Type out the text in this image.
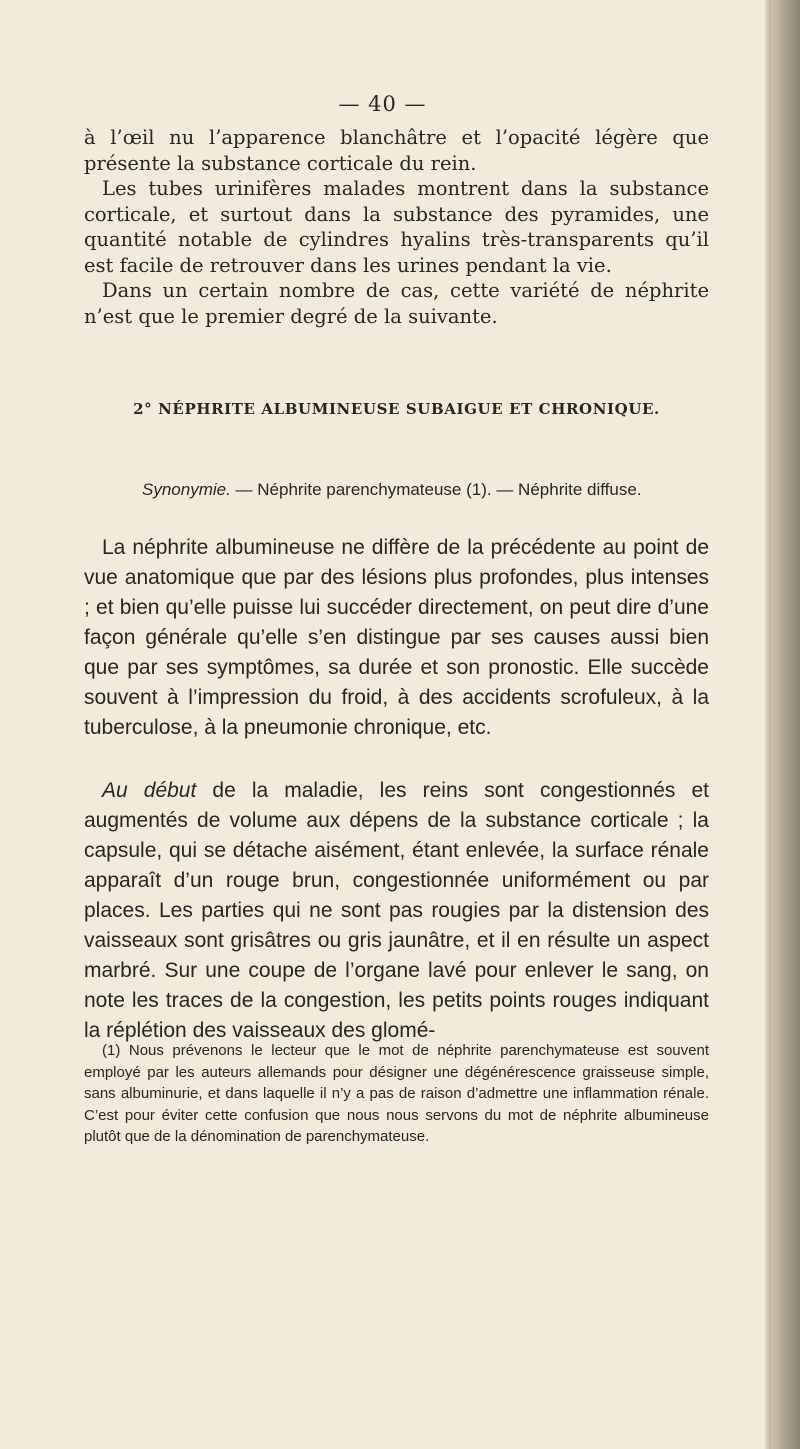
— 40 —

à l’œil nu l’apparence blanchâtre et l’opacité légère que présente la substance corticale du rein.

Les tubes urinifères malades montrent dans la substance corticale, et surtout dans la substance des pyramides, une quantité notable de cylindres hyalins très-transparents qu’il est facile de retrouver dans les urines pendant la vie.

Dans un certain nombre de cas, cette variété de néphrite n’est que le premier degré de la suivante.

2° NÉPHRITE ALBUMINEUSE SUBAIGUE ET CHRONIQUE.
Synonymie. — Néphrite parenchymateuse (1). — Néphrite diffuse.

La néphrite albumineuse ne diffère de la précédente au point de vue anatomique que par des lésions plus profondes, plus intenses ; et bien qu’elle puisse lui succéder directement, on peut dire d’une façon générale qu’elle s’en distingue par ses causes aussi bien que par ses symptômes, sa durée et son pronostic. Elle succède souvent à l’impression du froid, à des accidents scrofuleux, à la tuberculose, à la pneumonie chronique, etc.

Au début de la maladie, les reins sont congestionnés et augmentés de volume aux dépens de la substance corticale ; la capsule, qui se détache aisément, étant enlevée, la surface rénale apparaît d’un rouge brun, congestionnée uniformément ou par places. Les parties qui ne sont pas rougies par la distension des vaisseaux sont grisâtres ou gris jaunâtre, et il en résulte un aspect marbré. Sur une coupe de l’organe lavé pour enlever le sang, on note les traces de la congestion, les petits points rouges indiquant la réplétion des vaisseaux des glomé-

(1) Nous prévenons le lecteur que le mot de néphrite parenchymateuse est souvent employé par les auteurs allemands pour désigner une dégénérescence graisseuse simple, sans albuminurie, et dans laquelle il n’y a pas de raison d’admettre une inflammation rénale. C’est pour éviter cette confusion que nous nous servons du mot de néphrite albumineuse plutôt que de la dénomination de parenchymateuse.
